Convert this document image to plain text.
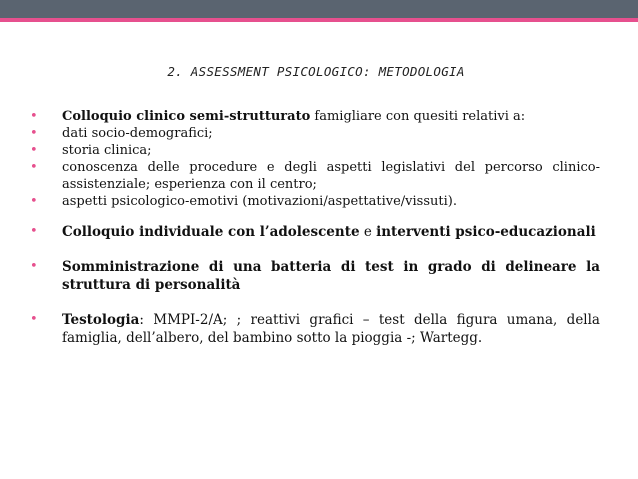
2. ASSESSMENT PSICOLOGICO: METODOLOGIA

• Colloquio clinico semi-strutturato famigliare con quesiti relativi a:

• dati socio-demografici;

• storia clinica;

• conoscenza delle procedure e degli aspetti legislativi del percorso clinico-assistenziale; esperienza con il centro;

• aspetti psicologico-emotivi (motivazioni/aspettative/vissuti).

• Colloquio individuale con l’adolescente e interventi psico-educazionali

• Somministrazione di una batteria di test in grado di delineare la struttura di personalità

• Testologia: MMPI-2/A; ; reattivi grafici – test della figura umana, della famiglia, dell’albero, del bambino sotto la pioggia -; Wartegg.
